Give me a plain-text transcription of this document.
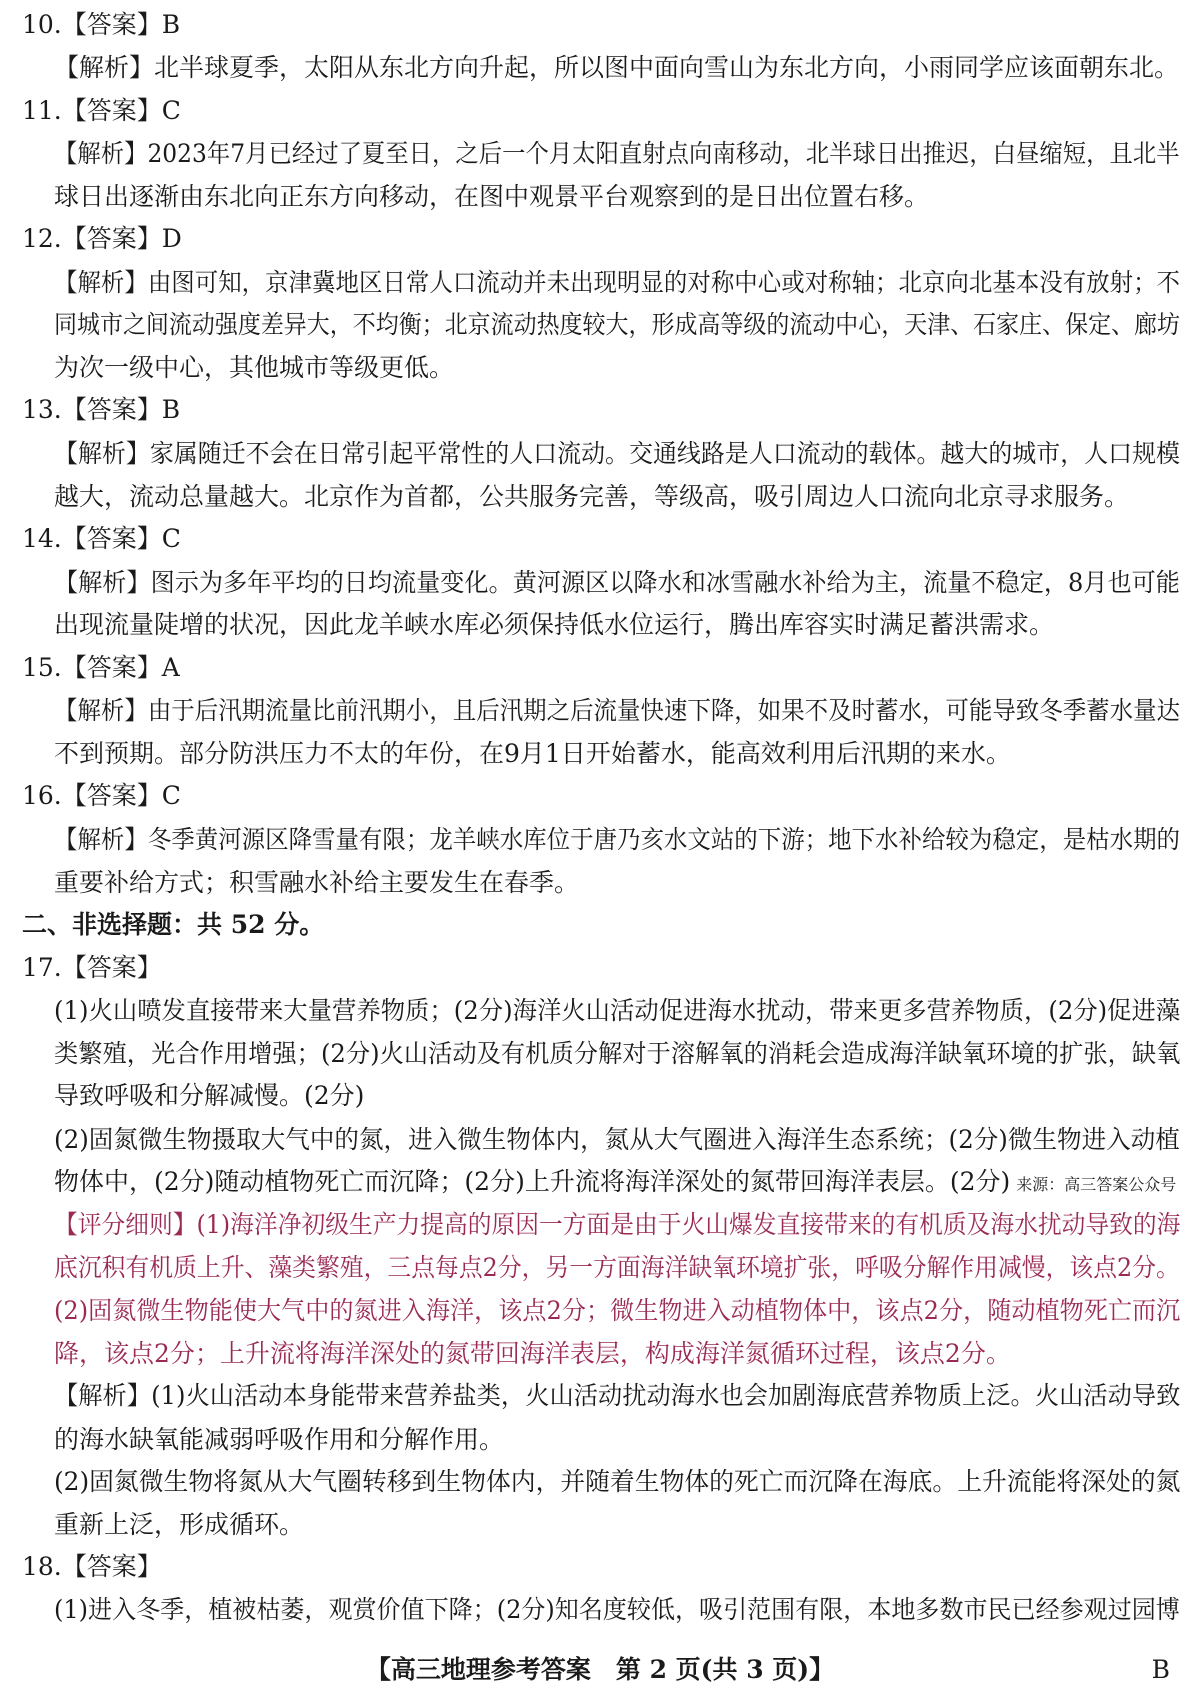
10.【答案】B
【解析】北半球夏季，太阳从东北方向升起，所以图中面向雪山为东北方向，小雨同学应该面朝东北。
11.【答案】C
【解析】2023年7月已经过了夏至日，之后一个月太阳直射点向南移动，北半球日出推迟，白昼缩短，且北半
球日出逐渐由东北向正东方向移动，在图中观景平台观察到的是日出位置右移。
12.【答案】D
【解析】由图可知，京津冀地区日常人口流动并未出现明显的对称中心或对称轴；北京向北基本没有放射；不
同城市之间流动强度差异大，不均衡；北京流动热度较大，形成高等级的流动中心，天津、石家庄、保定、廊坊
为次一级中心，其他城市等级更低。
13.【答案】B
【解析】家属随迁不会在日常引起平常性的人口流动。交通线路是人口流动的载体。越大的城市，人口规模
越大，流动总量越大。北京作为首都，公共服务完善，等级高，吸引周边人口流向北京寻求服务。
14.【答案】C
【解析】图示为多年平均的日均流量变化。黄河源区以降水和冰雪融水补给为主，流量不稳定，8月也可能
出现流量陡增的状况，因此龙羊峡水库必须保持低水位运行，腾出库容实时满足蓄洪需求。
15.【答案】A
【解析】由于后汛期流量比前汛期小，且后汛期之后流量快速下降，如果不及时蓄水，可能导致冬季蓄水量达
不到预期。部分防洪压力不太的年份，在9月1日开始蓄水，能高效利用后汛期的来水。
16.【答案】C
【解析】冬季黄河源区降雪量有限；龙羊峡水库位于唐乃亥水文站的下游；地下水补给较为稳定，是枯水期的
重要补给方式；积雪融水补给主要发生在春季。
二、非选择题：共 52 分。
17.【答案】
(1)火山喷发直接带来大量营养物质；(2分)海洋火山活动促进海水扰动，带来更多营养物质，(2分)促进藻
类繁殖，光合作用增强；(2分)火山活动及有机质分解对于溶解氧的消耗会造成海洋缺氧环境的扩张，缺氧
导致呼吸和分解减慢。(2分)
(2)固氮微生物摄取大气中的氮，进入微生物体内，氮从大气圈进入海洋生态系统；(2分)微生物进入动植
物体中，(2分)随动植物死亡而沉降；(2分)上升流将海洋深处的氮带回海洋表层。(2分) 来源：高三答案公众号
【评分细则】(1)海洋净初级生产力提高的原因一方面是由于火山爆发直接带来的有机质及海水扰动导致的海
底沉积有机质上升、藻类繁殖，三点每点2分，另一方面海洋缺氧环境扩张，呼吸分解作用减慢，该点2分。
(2)固氮微生物能使大气中的氮进入海洋，该点2分；微生物进入动植物体中，该点2分，随动植物死亡而沉
降，该点2分；上升流将海洋深处的氮带回海洋表层，构成海洋氮循环过程，该点2分。
【解析】(1)火山活动本身能带来营养盐类，火山活动扰动海水也会加剧海底营养物质上泛。火山活动导致
的海水缺氧能减弱呼吸作用和分解作用。
(2)固氮微生物将氮从大气圈转移到生物体内，并随着生物体的死亡而沉降在海底。上升流能将深处的氮
重新上泛，形成循环。
18.【答案】
(1)进入冬季，植被枯萎，观赏价值下降；(2分)知名度较低，吸引范围有限，本地多数市民已经参观过园博
【高三地理参考答案　第 2 页(共 3 页)】	B
